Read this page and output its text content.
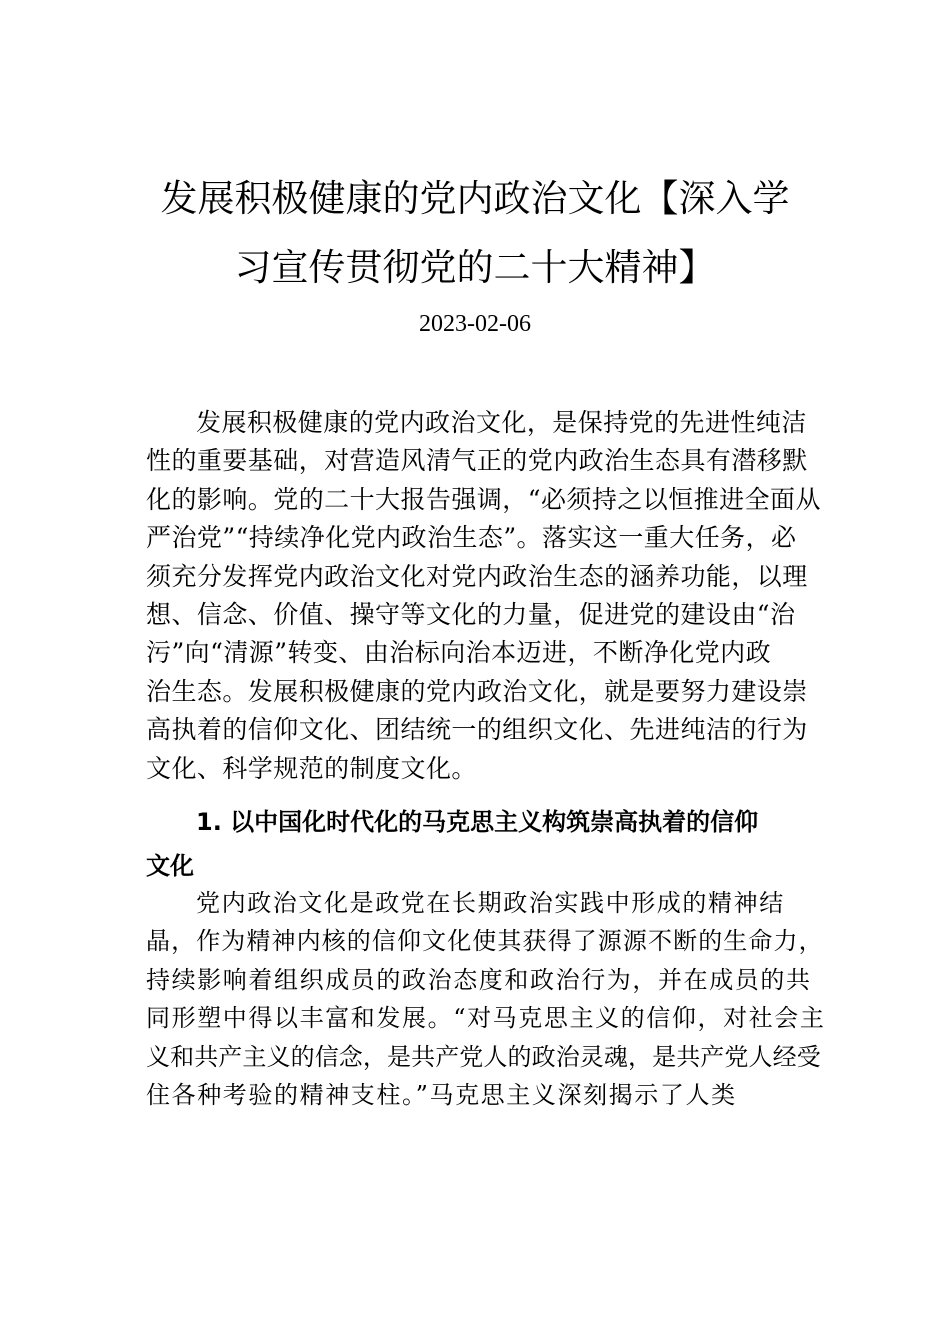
发展积极健康的党内政治文化【深入学
习宣传贯彻党的二十大精神】
2023-02-06
发展积极健康的党内政治文化，是保持党的先进性纯洁
性的重要基础，对营造风清气正的党内政治生态具有潜移默
化的影响。党的二十大报告强调，“必须持之以恒推进全面从
严治党”“持续净化党内政治生态”。落实这一重大任务，必
须充分发挥党内政治文化对党内政治生态的涵养功能，以理
想、信念、价值、操守等文化的力量，促进党的建设由“治
污”向“清源”转变、由治标向治本迈进，不断净化党内政
治生态。发展积极健康的党内政治文化，就是要努力建设崇
高执着的信仰文化、团结统一的组织文化、先进纯洁的行为
文化、科学规范的制度文化。
1. 以中国化时代化的马克思主义构筑崇高执着的信仰
文化
党内政治文化是政党在长期政治实践中形成的精神结
晶，作为精神内核的信仰文化使其获得了源源不断的生命力，
持续影响着组织成员的政治态度和政治行为，并在成员的共
同形塑中得以丰富和发展。“对马克思主义的信仰，对社会主
义和共产主义的信念，是共产党人的政治灵魂，是共产党人经受
住各种考验的精神支柱。”马克思主义深刻揭示了人类
